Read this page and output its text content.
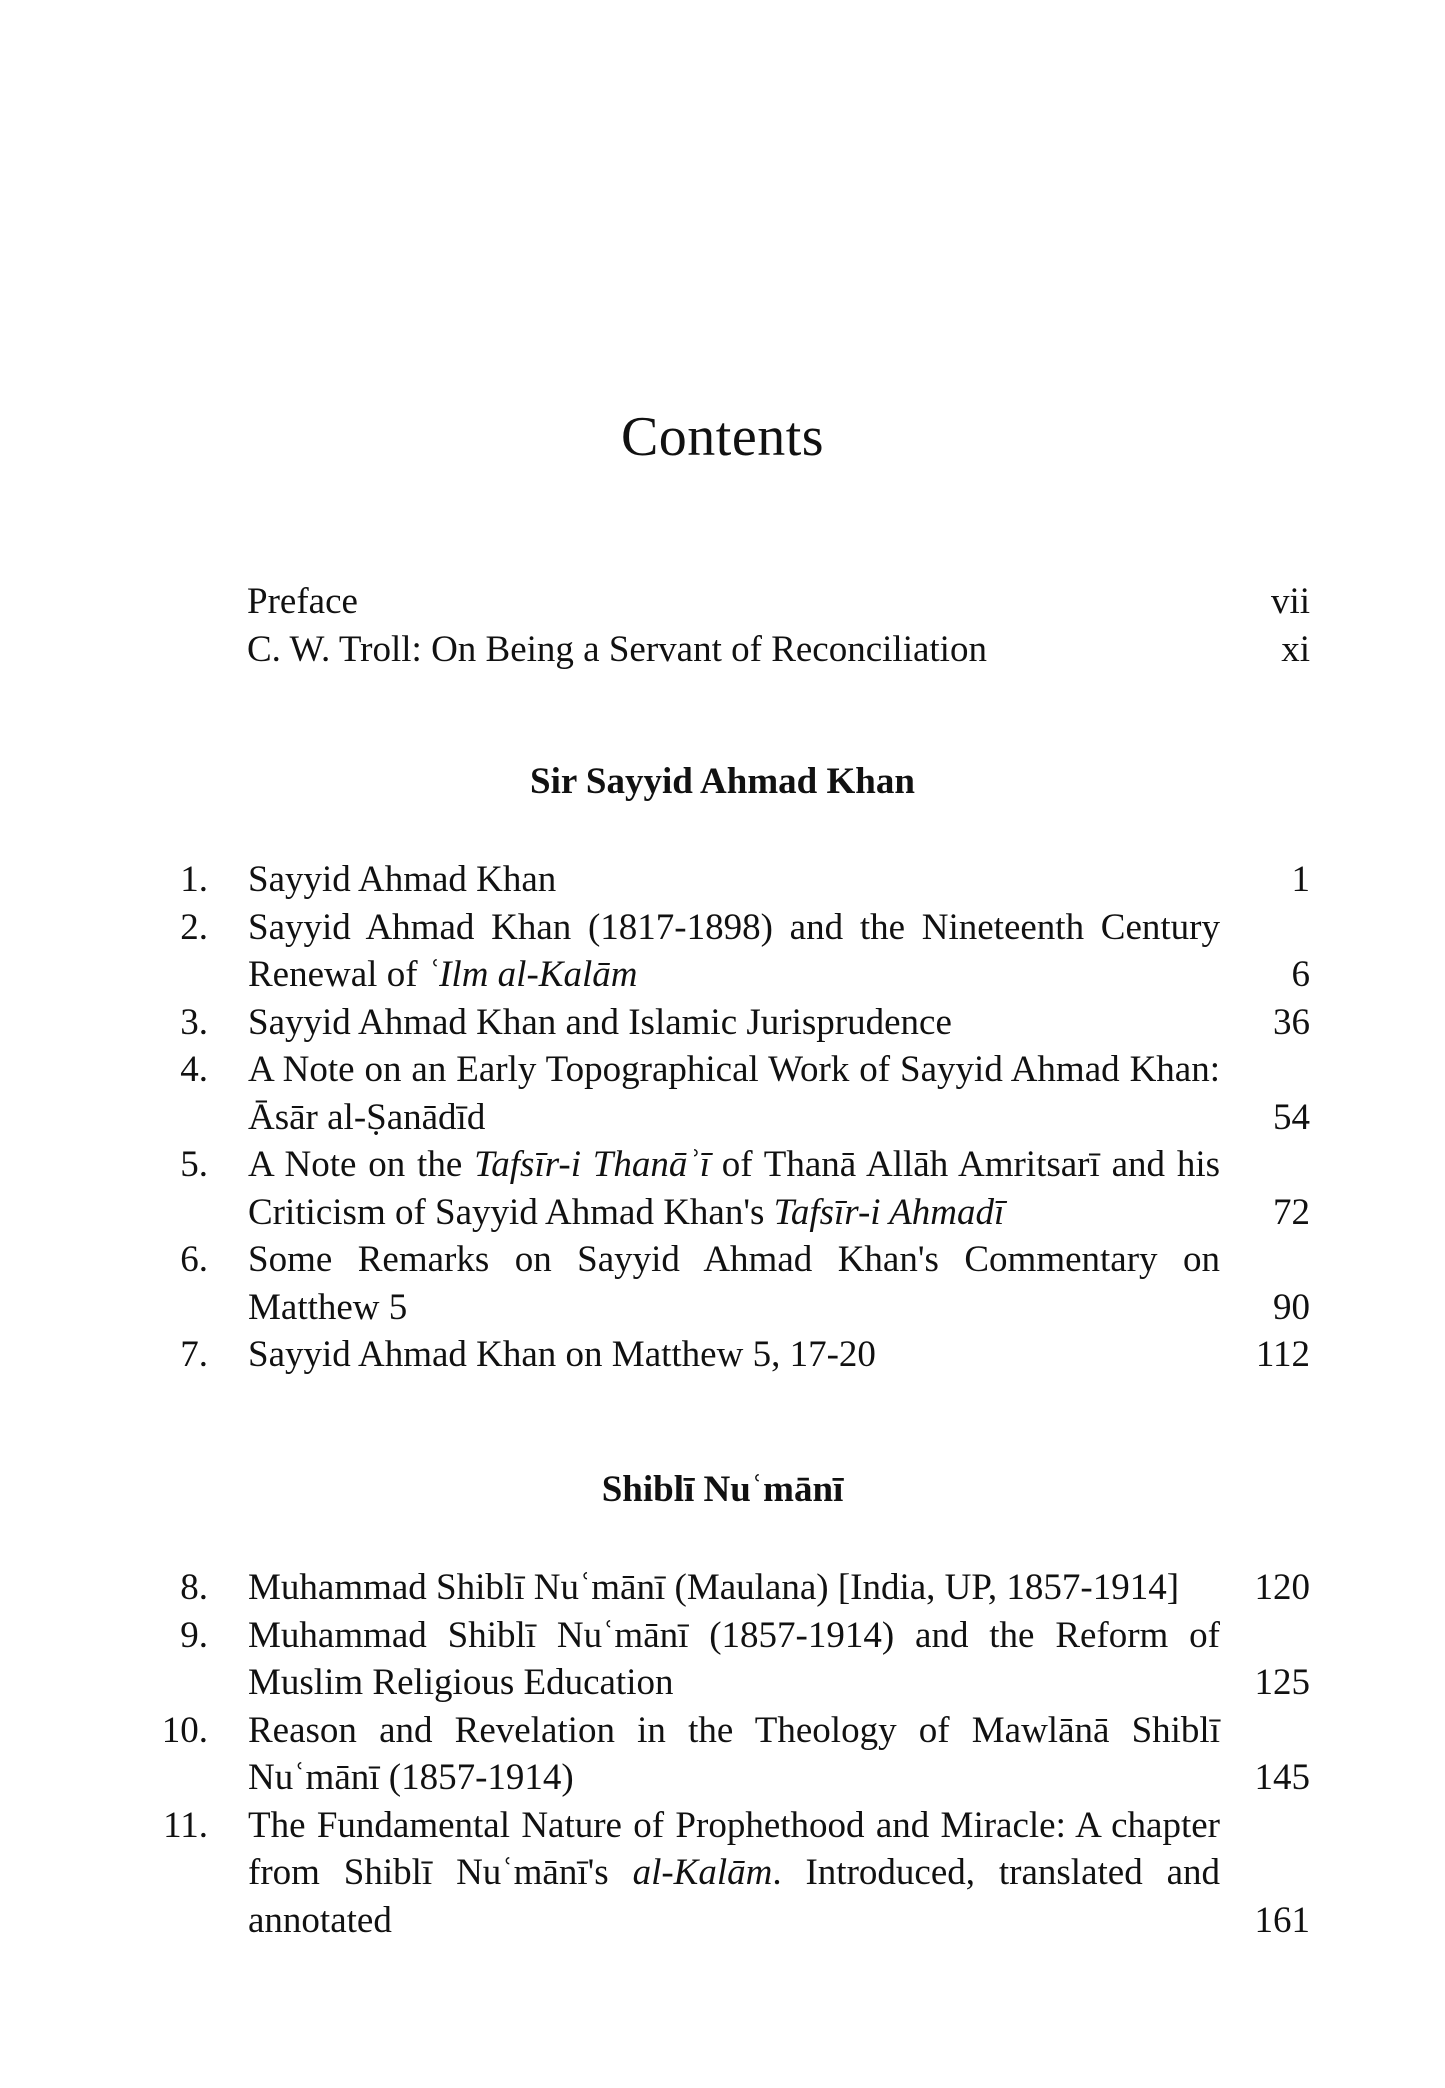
Contents
Preface	vii
C. W. Troll: On Being a Servant of Reconciliation	xi
Sir Sayyid Ahmad Khan
1. Sayyid Ahmad Khan	1
2. Sayyid Ahmad Khan (1817-1898) and the Nineteenth Century Renewal of ʿIlm al-Kalām	6
3. Sayyid Ahmad Khan and Islamic Jurisprudence	36
4. A Note on an Early Topographical Work of Sayyid Ahmad Khan: Āsār al-Ṣanādīd	54
5. A Note on the Tafsīr-i Thanāʾī of Thanā Allāh Amritsarī and his Criticism of Sayyid Ahmad Khan's Tafsīr-i Ahmadī	72
6. Some Remarks on Sayyid Ahmad Khan's Commentary on Matthew 5	90
7. Sayyid Ahmad Khan on Matthew 5, 17-20	112
Shiblī Nuʿmānī
8. Muhammad Shiblī Nuʿmānī (Maulana) [India, UP, 1857-1914]	120
9. Muhammad Shiblī Nuʿmānī (1857-1914) and the Reform of Muslim Religious Education	125
10. Reason and Revelation in the Theology of Mawlānā Shiblī Nuʿmānī (1857-1914)	145
11. The Fundamental Nature of Prophethood and Miracle: A chapter from Shiblī Nuʿmānī's al-Kalām. Introduced, translated and annotated	161
